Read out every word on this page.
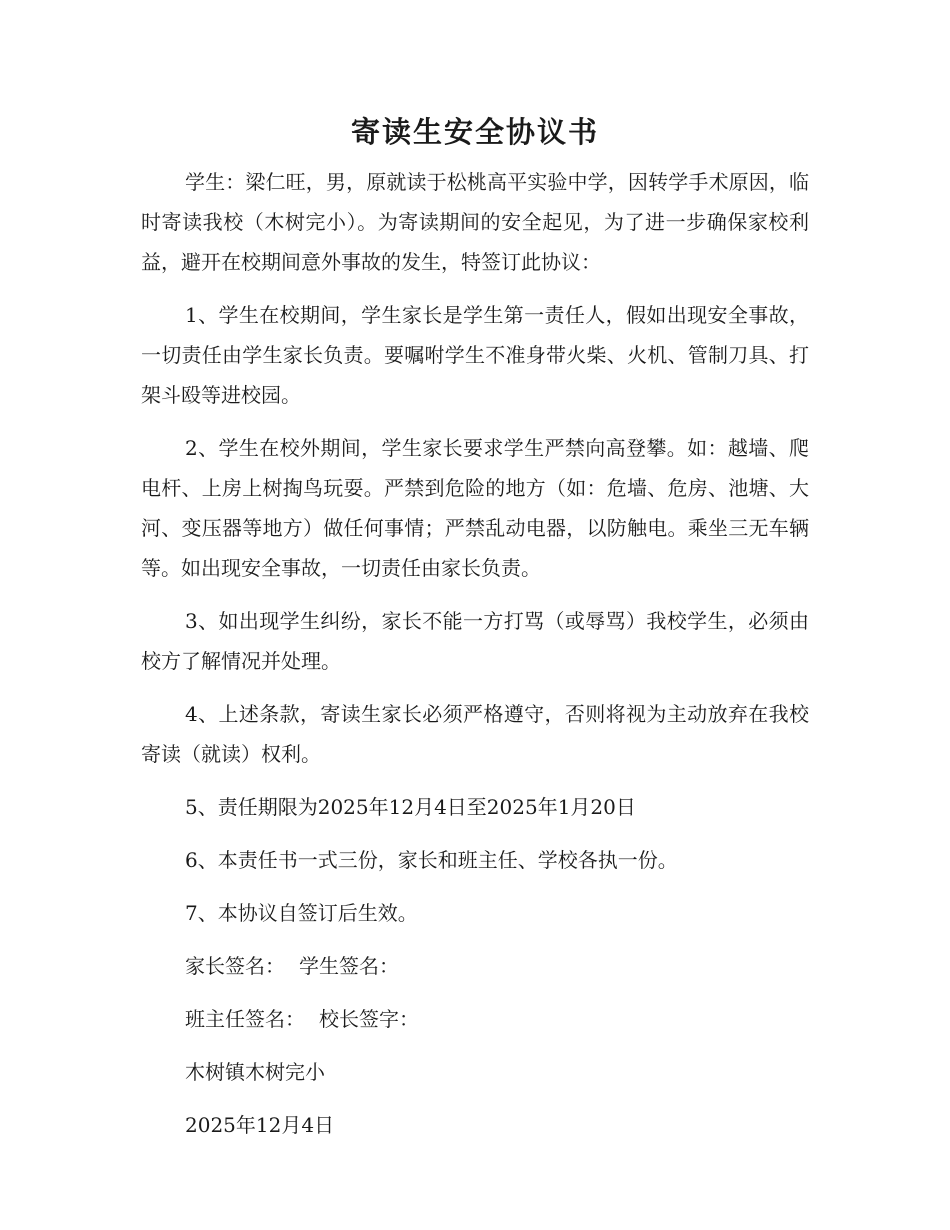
寄读生安全协议书

学生：梁仁旺，男，原就读于松桃高平实验中学，因转学手术原因，临时寄读我校（木树完小）。为寄读期间的安全起见，为了进一步确保家校利益，避开在校期间意外事故的发生，特签订此协议：

1、学生在校期间，学生家长是学生第一责任人，假如出现安全事故，一切责任由学生家长负责。要嘱咐学生不准身带火柴、火机、管制刀具、打架斗殴等进校园。

2、学生在校外期间，学生家长要求学生严禁向高登攀。如：越墙、爬电杆、上房上树掏鸟玩耍。严禁到危险的地方（如：危墙、危房、池塘、大河、变压器等地方）做任何事情；严禁乱动电器，以防触电。乘坐三无车辆等。如出现安全事故，一切责任由家长负责。

3、如出现学生纠纷，家长不能一方打骂（或辱骂）我校学生，必须由校方了解情况并处理。

4、上述条款，寄读生家长必须严格遵守，否则将视为主动放弃在我校寄读（就读）权利。

5、责任期限为2025年12月4日至2025年1月20日

6、本责任书一式三份，家长和班主任、学校各执一份。

7、本协议自签订后生效。

家长签名： 学生签名：

班主任签名： 校长签字：

木树镇木树完小

2025年12月4日
